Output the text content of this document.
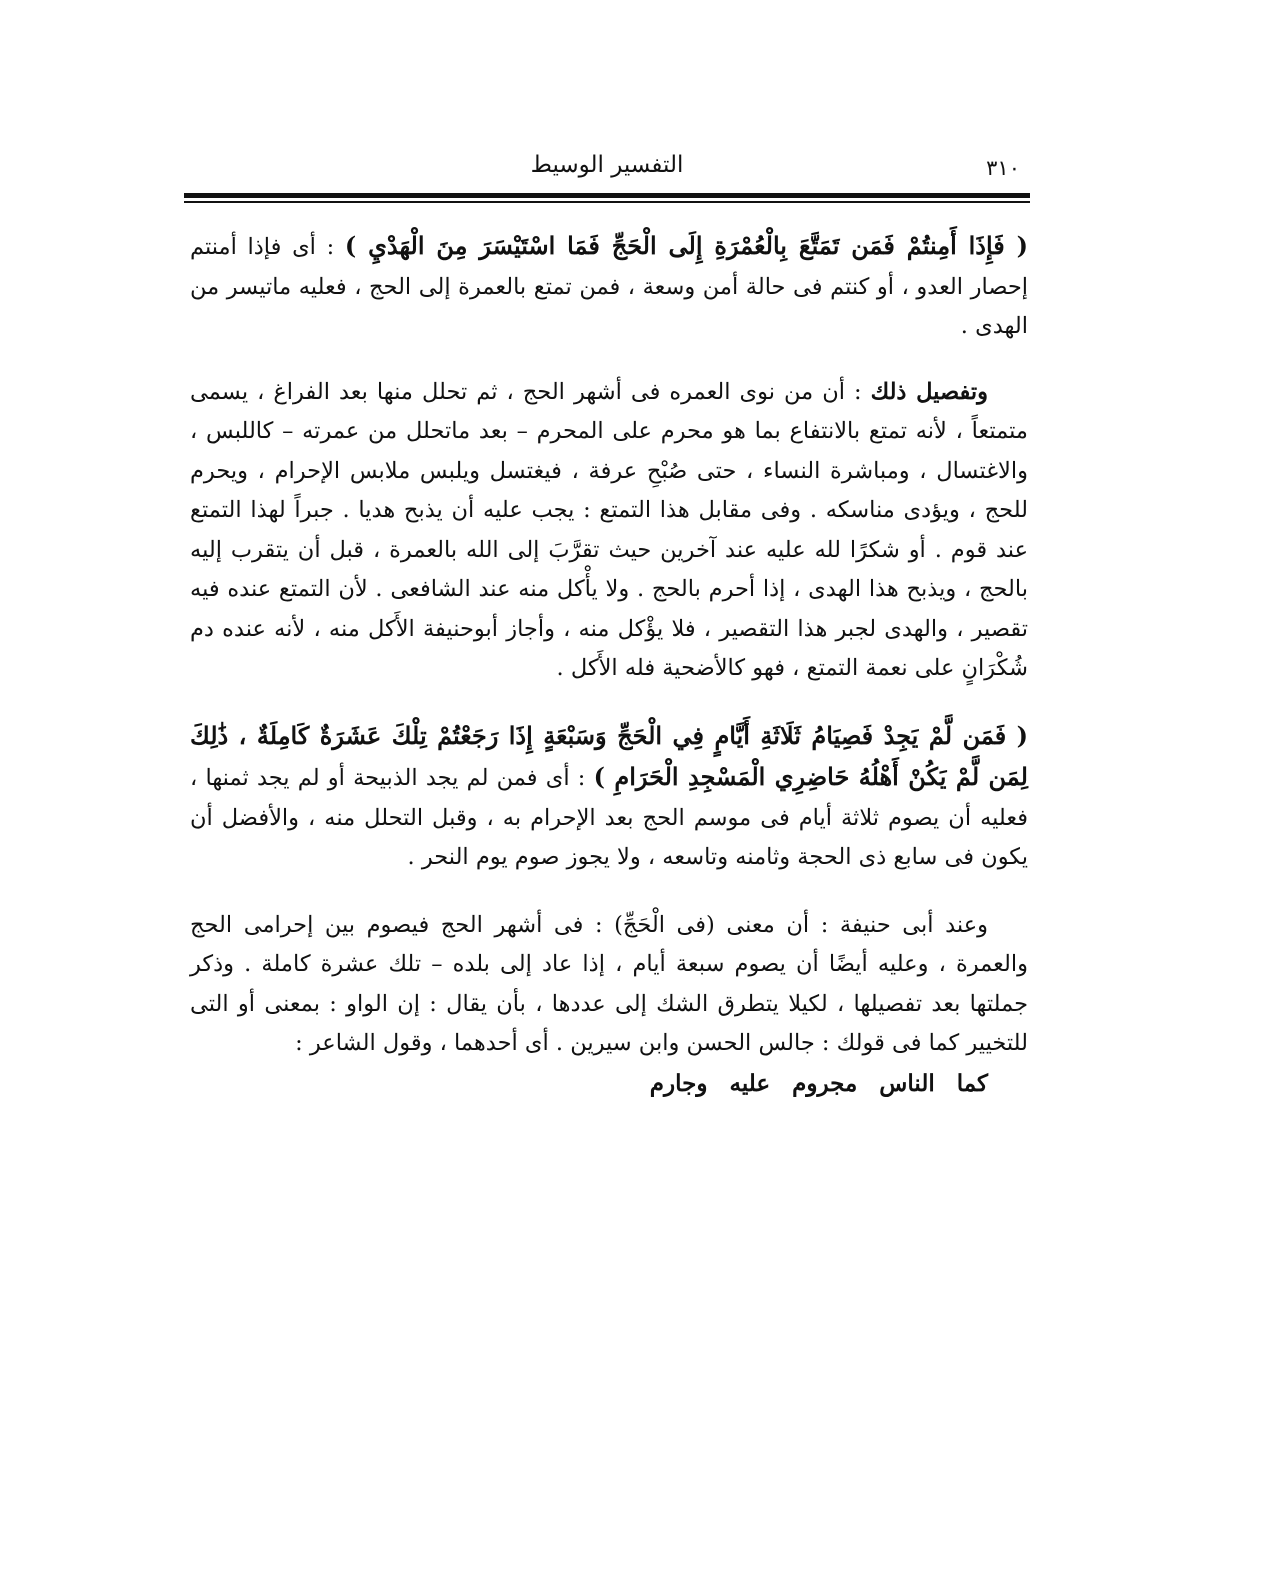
٣١٠
التفسير الوسيط

( فَإِذَا أَمِنتُمْ فَمَن تَمَتَّعَ بِالْعُمْرَةِ إِلَى الْحَجِّ فَمَا اسْتَيْسَرَ مِنَ الْهَدْيِ ) : أى فإذا أمنتم إحصار العدو ، أو كنتم فى حالة أمن وسعة ، فمن تمتع بالعمرة إلى الحج ، فعليه ماتيسر من الهدى .

وتفصيل ذلك : أن من نوى العمره فى أشهر الحج ، ثم تحلل منها بعد الفراغ ، يسمى متمتعاً ، لأنه تمتع بالانتفاع بما هو محرم على المحرم – بعد ماتحلل من عمرته – كاللبس ، والاغتسال ، ومباشرة النساء ، حتى صُبْحِ عرفة ، فيغتسل ويلبس ملابس الإحرام ، ويحرم للحج ، ويؤدى مناسكه . وفى مقابل هذا التمتع : يجب عليه أن يذبح هديا . جبراً لهذا التمتع عند قوم . أو شكرًا لله عليه عند آخرين حيث تقرَّبَ إلى الله بالعمرة ، قبل أن يتقرب إليه بالحج ، ويذبح هذا الهدى ، إذا أحرم بالحج . ولا يأْكل منه عند الشافعى . لأن التمتع عنده فيه تقصير ، والهدى لجبر هذا التقصير ، فلا يؤْكل منه ، وأجاز أبوحنيفة الأَكل منه ، لأنه عنده دم شُكْرَانٍ على نعمة التمتع ، فهو كالأضحية فله الأَكل .

( فَمَن لَّمْ يَجِدْ فَصِيَامُ ثَلَاثَةِ أَيَّامٍ فِي الْحَجِّ وَسَبْعَةٍ إِذَا رَجَعْتُمْ تِلْكَ عَشَرَةٌ كَامِلَةٌ ، ذَٰلِكَ لِمَن لَّمْ يَكُنْ أَهْلُهُ حَاضِرِي الْمَسْجِدِ الْحَرَامِ ) : أى فمن لم يجد الذبيحة أو لم يجد ثمنها ، فعليه أن يصوم ثلاثة أيام فى موسم الحج بعد الإحرام به ، وقبل التحلل منه ، والأفضل أن يكون فى سابع ذى الحجة وثامنه وتاسعه ، ولا يجوز صوم يوم النحر .

وعند أبى حنيفة : أن معنى (فى الْحَجِّ) : فى أشهر الحج فيصوم بين إحرامى الحج والعمرة ، وعليه أيضًا أن يصوم سبعة أيام ، إذا عاد إلى بلده – تلك عشرة كاملة . وذكر جملتها بعد تفصيلها ، لكيلا يتطرق الشك إلى عددها ، بأن يقال : إن الواو : بمعنى أو التى للتخيير كما فى قولك : جالس الحسن وابن سيرين . أى أحدهما ، وقول الشاعر :

كما الناس مجروم عليه وجارم
